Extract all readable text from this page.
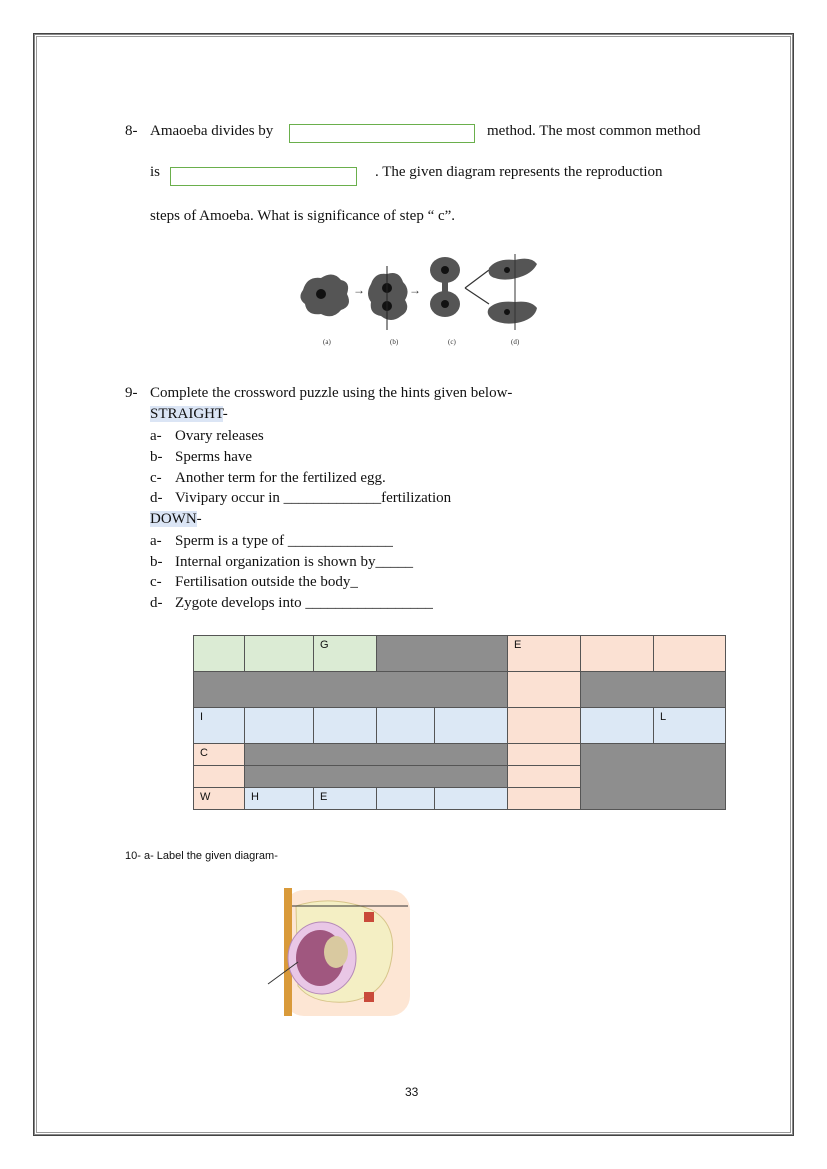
8- Amaoeba divides by	method. The most common method
is	. The given diagram represents the reproduction
steps of Amoeba. What is significance of step “ c”.
→	→
(a)	(b)	(c)	(d)
9- Complete the crossword puzzle using the hints given below-
STRAIGHT-
a- Ovary releases
b- Sperms have
c- Another term for the fertilized egg.
d- Vivipary occur in _____________fertilization
DOWN-
a- Sperm is a type of ______________
b- Internal organization is shown by_____
c- Fertilisation outside the body_
d- Zygote develops into _________________
		G			E		

I							L
C							

W	H	E					
10- a- Label the given diagram-
33
